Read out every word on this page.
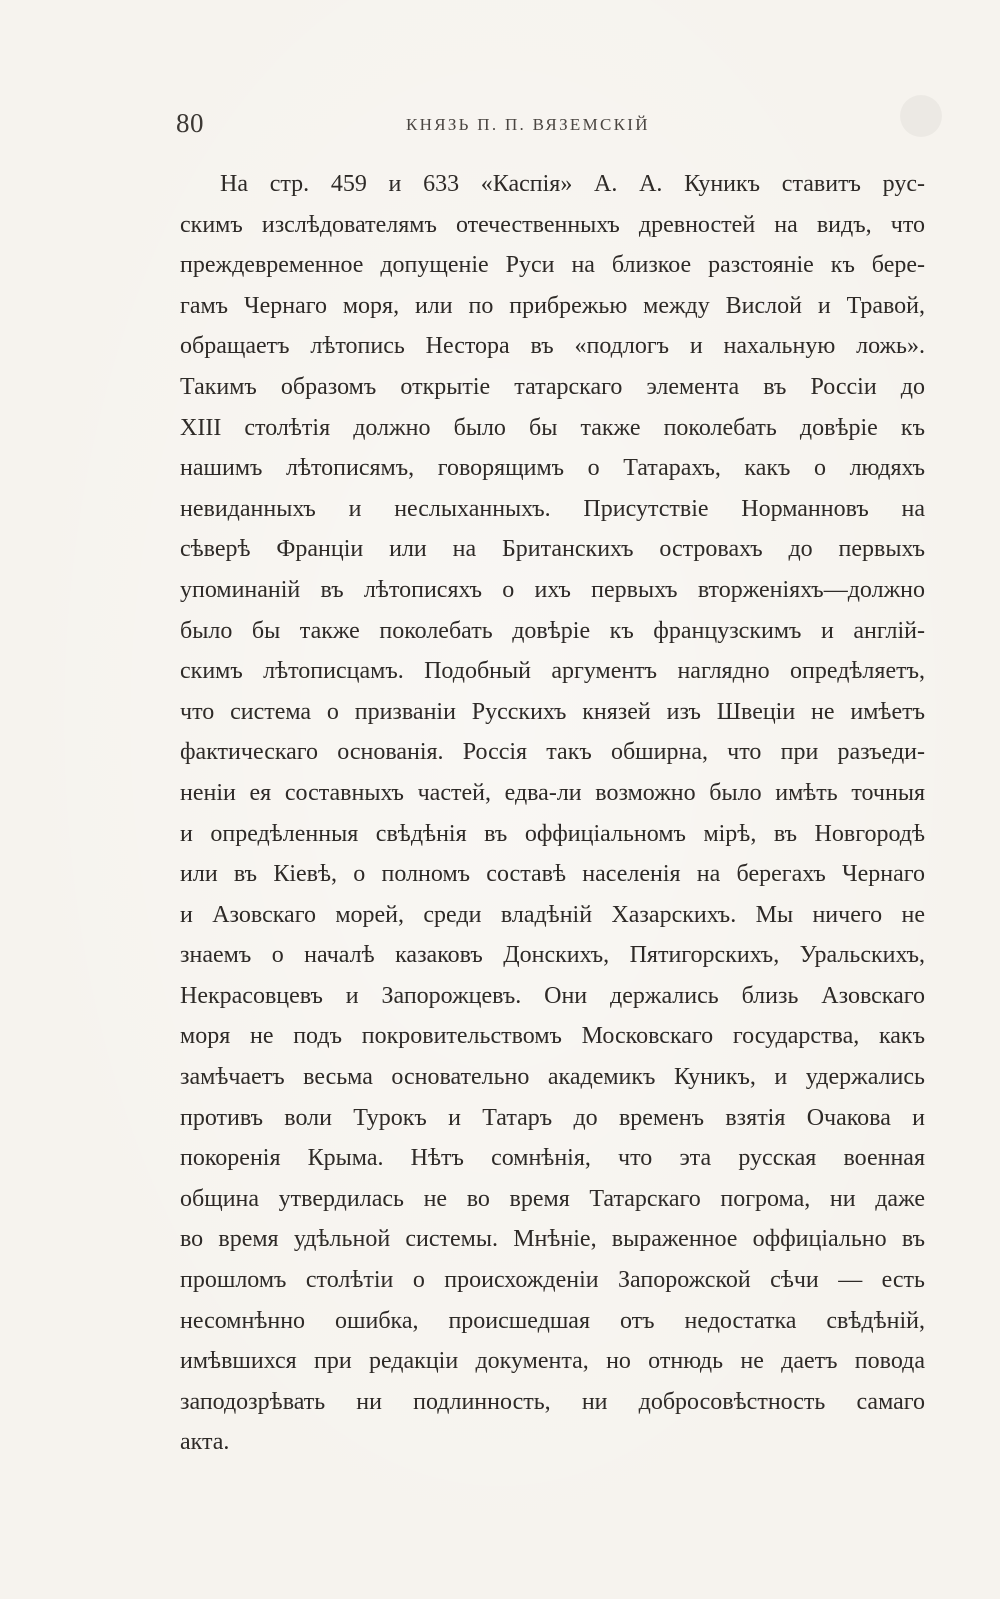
80	КНЯЗЬ П. П. ВЯЗЕМСКІЙ
На стр. 459 и 633 «Каспія» А. А. Куникъ ставитъ рус-
скимъ изслѣдователямъ отечественныхъ древностей на видъ, что
преждевременное допущеніе Руси на близкое разстояніе къ бере-
гамъ Чернаго моря, или по прибрежью между Вислой и Травой,
обращаетъ лѣтопись Нестора въ «подлогъ и нахальную ложь».
Такимъ образомъ открытіе татарскаго элемента въ Россіи до
XIII столѣтія должно было бы также поколебать довѣріе къ
нашимъ лѣтописямъ, говорящимъ о Татарахъ, какъ о людяхъ
невиданныхъ и неслыханныхъ. Присутствіе Норманновъ на
сѣверѣ Франціи или на Британскихъ островахъ до первыхъ
упоминаній въ лѣтописяхъ о ихъ первыхъ вторженіяхъ—должно
было бы также поколебать довѣріе къ французскимъ и англій-
скимъ лѣтописцамъ. Подобный аргументъ наглядно опредѣляетъ,
что система о призваніи Русскихъ князей изъ Швеціи не имѣетъ
фактическаго основанія. Россія такъ обширна, что при разъеди-
неніи ея составныхъ частей, едва-ли возможно было имѣть точныя
и опредѣленныя свѣдѣнія въ оффиціальномъ мірѣ, въ Новгородѣ
или въ Кіевѣ, о полномъ составѣ населенія на берегахъ Чернаго
и Азовскаго морей, среди владѣній Хазарскихъ. Мы ничего не
знаемъ о началѣ казаковъ Донскихъ, Пятигорскихъ, Уральскихъ,
Некрасовцевъ и Запорожцевъ. Они держались близь Азовскаго
моря не подъ покровительствомъ Московскаго государства, какъ
замѣчаетъ весьма основательно академикъ Куникъ, и удержались
противъ воли Турокъ и Татаръ до временъ взятія Очакова и
покоренія Крыма. Нѣтъ сомнѣнія, что эта русская военная
община утвердилась не во время Татарскаго погрома, ни даже
во время удѣльной системы. Мнѣніе, выраженное оффиціально въ
прошломъ столѣтіи о происхожденіи Запорожской сѣчи — есть
несомнѣнно ошибка, происшедшая отъ недостатка свѣдѣній,
имѣвшихся при редакціи документа, но отнюдь не даетъ повода
заподозрѣвать ни подлинность, ни добросовѣстность самаго
акта.
